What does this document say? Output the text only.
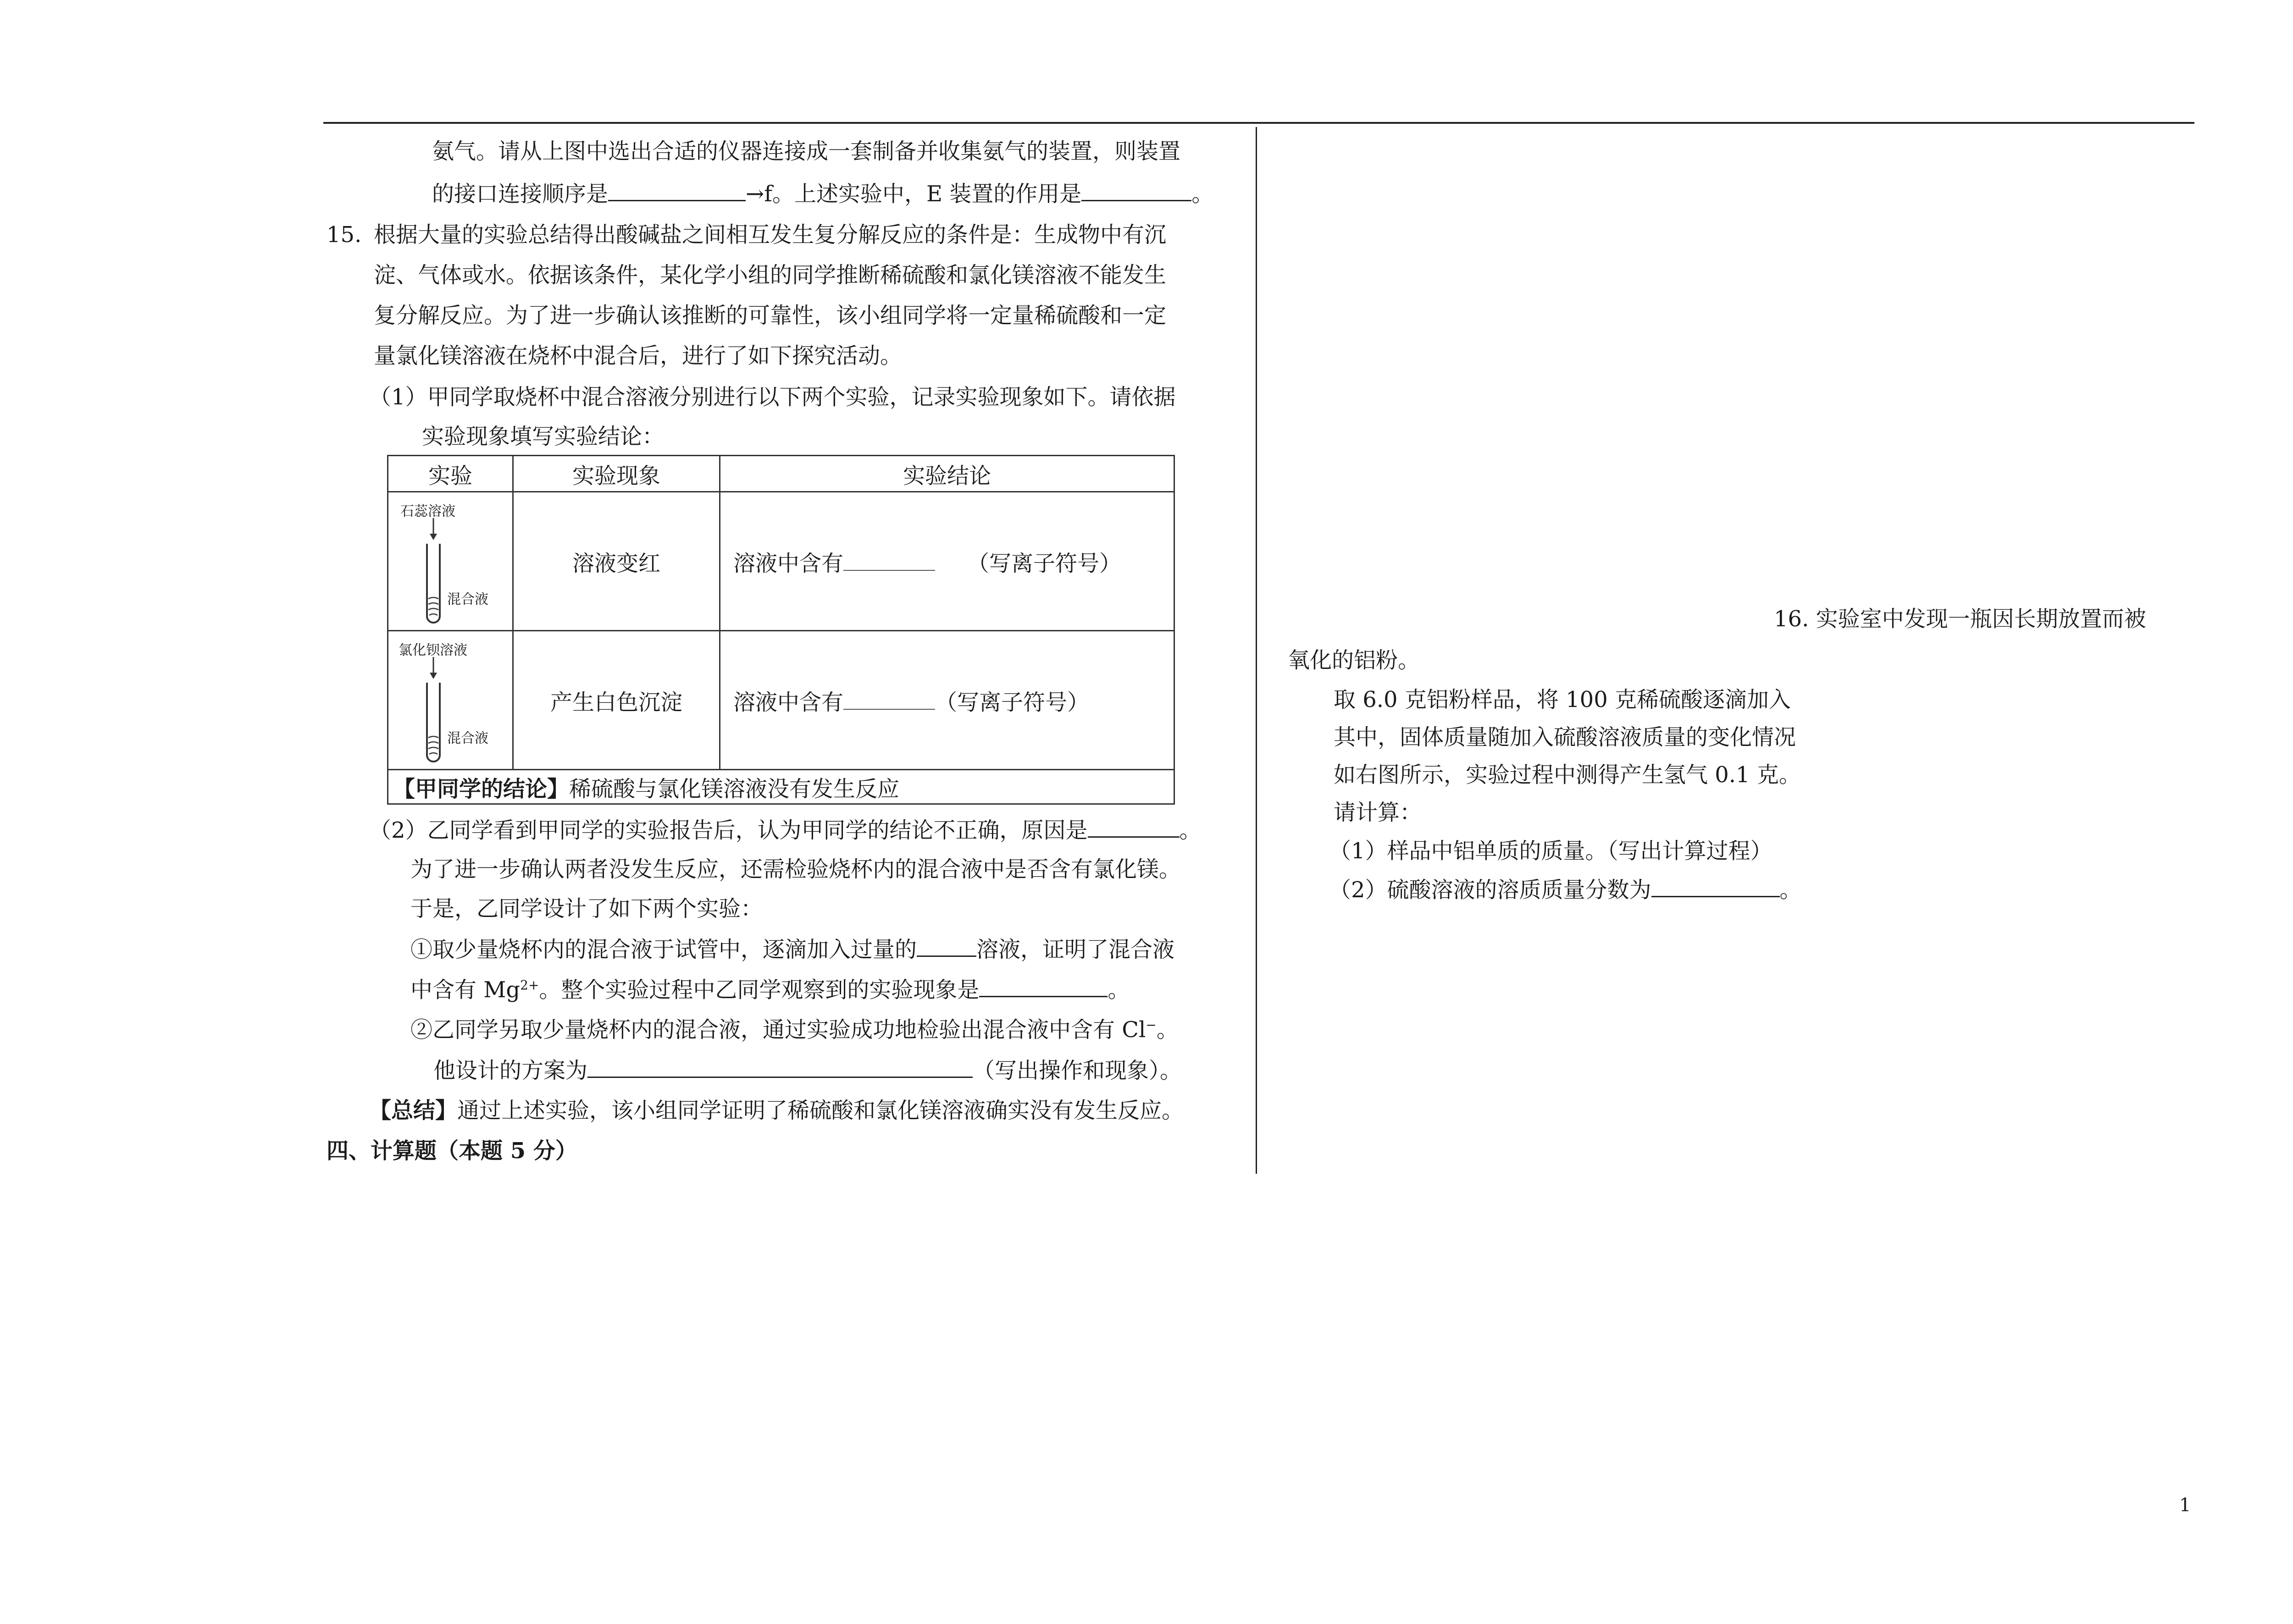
氨气。请从上图中选出合适的仪器连接成一套制备并收集氨气的装置，则装置
的接口连接顺序是	→f。上述实验中，E 装置的作用是	。
15. 根据大量的实验总结得出酸碱盐之间相互发生复分解反应的条件是：生成物中有沉
淀、气体或水。依据该条件，某化学小组的同学推断稀硫酸和氯化镁溶液不能发生
复分解反应。为了进一步确认该推断的可靠性，该小组同学将一定量稀硫酸和一定
量氯化镁溶液在烧杯中混合后，进行了如下探究活动。
（1）甲同学取烧杯中混合溶液分别进行以下两个实验，记录实验现象如下。请依据
实验现象填写实验结论：
实验	实验现象	实验结论

石蕊溶液
混合液	溶液变红	溶液中含有 （写离子符号）

氯化钡溶液
混合液	产生白色沉淀	溶液中含有 （写离子符号）
【甲同学的结论】稀硫酸与氯化镁溶液没有发生反应		
（2）乙同学看到甲同学的实验报告后，认为甲同学的结论不正确，原因是	。
为了进一步确认两者没发生反应，还需检验烧杯内的混合液中是否含有氯化镁。
于是，乙同学设计了如下两个实验：
①取少量烧杯内的混合液于试管中，逐滴加入过量的	溶液，证明了混合液
中含有 $Mg^{2+}$。整个实验过程中乙同学观察到的实验现象是	。
②乙同学另取少量烧杯内的混合液，通过实验成功地检验出混合液中含有 Cl−。
他设计的方案为	（写出操作和现象）。
【总结】通过上述实验，该小组同学证明了稀硫酸和氯化镁溶液确实没有发生反应。
四、计算题（本题 5 分）
16. 实验室中发现一瓶因长期放置而被
氧化的铝粉。
取 6.0 克铝粉样品，将 100 克稀硫酸逐滴加入
其中，固体质量随加入硫酸溶液质量的变化情况
如右图所示，实验过程中测得产生氢气 0.1 克。
请计算：
（1）样品中铝单质的质量。（写出计算过程）
（2）硫酸溶液的溶质质量分数为	。
1
